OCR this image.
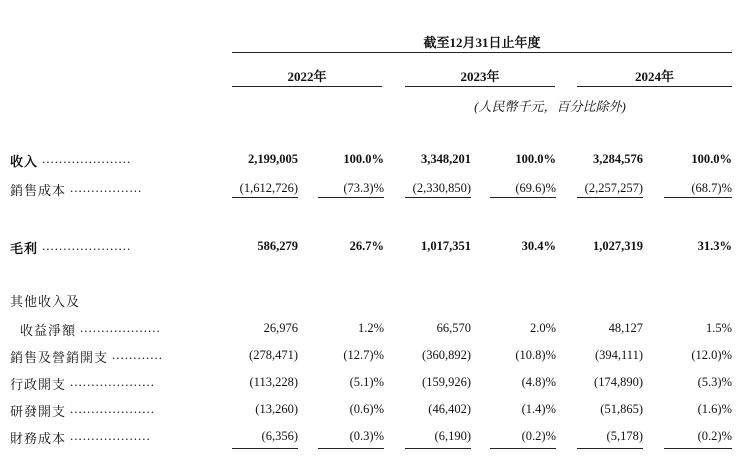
截至12月31日止年度
2022年	2023年	2024年
(人民幣千元，百分比除外)
收入 .....................	2,199,005	100.0%	3,348,201	100.0%	3,284,576	100.0%
銷售成本 .................	(1,612,726)	(73.3)%	(2,330,850)	(69.6)%	(2,257,257)	(68.7)%
毛利 .....................	586,279	26.7%	1,017,351	30.4%	1,027,319	31.3%
其他收入及
收益淨額 ...................	26,976	1.2%	66,570	2.0%	48,127	1.5%
銷售及營銷開支 ............	(278,471)	(12.7)%	(360,892)	(10.8)%	(394,111)	(12.0)%
行政開支 ....................	(113,228)	(5.1)%	(159,926)	(4.8)%	(174,890)	(5.3)%
研發開支 ....................	(13,260)	(0.6)%	(46,402)	(1.4)%	(51,865)	(1.6)%
財務成本 ...................	(6,356)	(0.3)%	(6,190)	(0.2)%	(5,178)	(0.2)%
